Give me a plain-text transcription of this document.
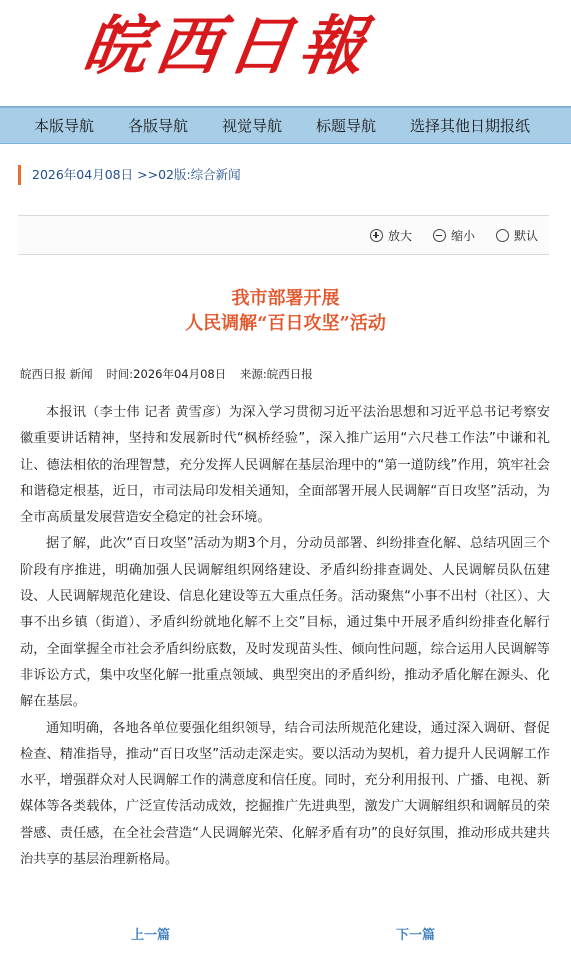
皖西日報
本版导航 各版导航 视觉导航 标题导航 选择其他日期报纸
2026年04月08日 >>02版:综合新闻
放大	缩小	默认
我市部署开展
人民调解“百日攻坚”活动
皖西日报 新闻 时间:2026年04月08日 来源:皖西日报

本报讯（李士伟 记者 黄雪彦）为深入学习贯彻习近平法治思想和习近平总书记考察安徽重要讲话精神，坚持和发展新时代“枫桥经验”，深入推广运用“六尺巷工作法”中谦和礼让、德法相依的治理智慧，充分发挥人民调解在基层治理中的“第一道防线”作用，筑牢社会和谐稳定根基，近日，市司法局印发相关通知，全面部署开展人民调解“百日攻坚”活动，为全市高质量发展营造安全稳定的社会环境。

据了解，此次“百日攻坚”活动为期3个月，分动员部署、纠纷排查化解、总结巩固三个阶段有序推进，明确加强人民调解组织网络建设、矛盾纠纷排查调处、人民调解员队伍建设、人民调解规范化建设、信息化建设等五大重点任务。活动聚焦“小事不出村（社区）、大事不出乡镇（街道）、矛盾纠纷就地化解不上交”目标，通过集中开展矛盾纠纷排查化解行动，全面掌握全市社会矛盾纠纷底数，及时发现苗头性、倾向性问题，综合运用人民调解等非诉讼方式，集中攻坚化解一批重点领域、典型突出的矛盾纠纷，推动矛盾化解在源头、化解在基层。

通知明确，各地各单位要强化组织领导，结合司法所规范化建设，通过深入调研、督促检查、精准指导，推动“百日攻坚”活动走深走实。要以活动为契机，着力提升人民调解工作水平，增强群众对人民调解工作的满意度和信任度。同时，充分利用报刊、广播、电视、新媒体等各类载体，广泛宣传活动成效，挖掘推广先进典型，激发广大调解组织和调解员的荣誉感、责任感，在全社会营造“人民调解光荣、化解矛盾有功”的良好氛围，推动形成共建共治共享的基层治理新格局。

上一篇	下一篇
